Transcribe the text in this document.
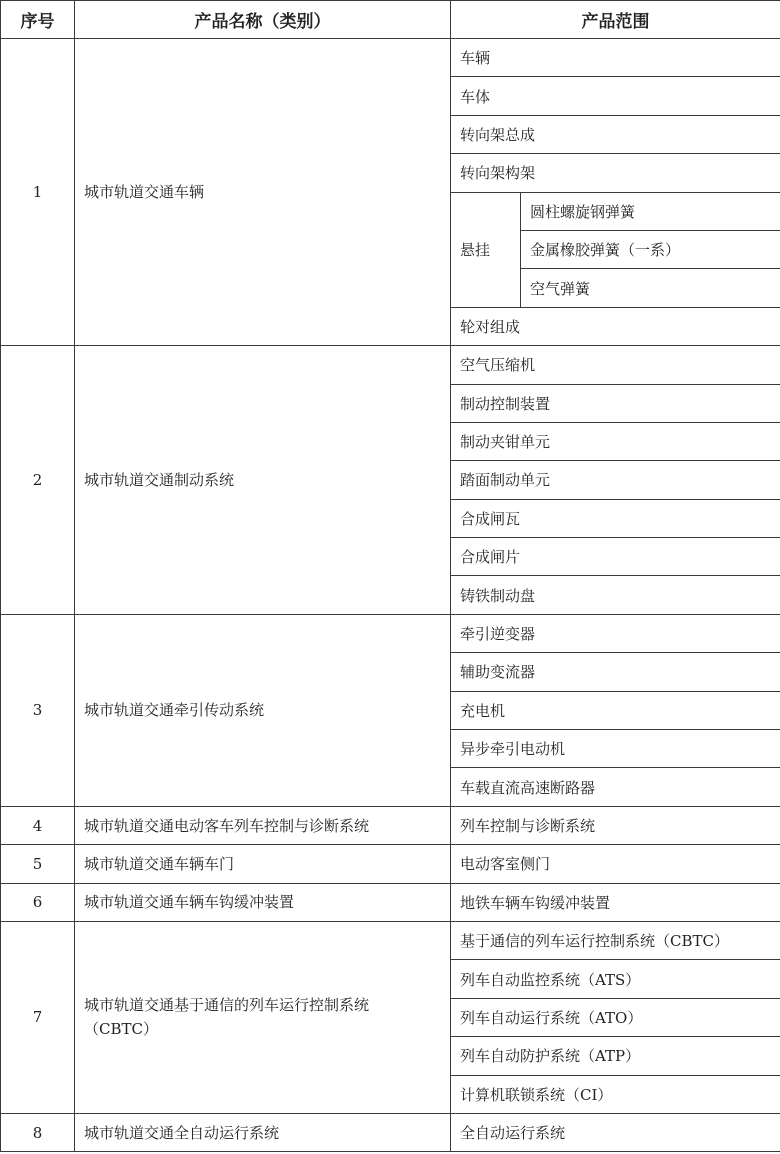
序号	产品名称（类别）	产品范围	
1	城市轨道交通车辆	车辆	
		车体	
		转向架总成	
		转向架构架	
		悬挂	圆柱螺旋钢弹簧
			金属橡胶弹簧（一系）
			空气弹簧
		轮对组成	
2	城市轨道交通制动系统	空气压缩机	
		制动控制装置	
		制动夹钳单元	
		踏面制动单元	
		合成闸瓦	
		合成闸片	
		铸铁制动盘	
3	城市轨道交通牵引传动系统	牵引逆变器	
		辅助变流器	
		充电机	
		异步牵引电动机	
		车载直流高速断路器	
4	城市轨道交通电动客车列车控制与诊断系统	列车控制与诊断系统	
5	城市轨道交通车辆车门	电动客室侧门	
6	城市轨道交通车辆车钩缓冲装置	地铁车辆车钩缓冲装置	
7	城市轨道交通基于通信的列车运行控制系统（CBTC）	基于通信的列车运行控制系统（CBTC）	
		列车自动监控系统（ATS）	
		列车自动运行系统（ATO）	
		列车自动防护系统（ATP）	
		计算机联锁系统（CI）	
8	城市轨道交通全自动运行系统	全自动运行系统	
